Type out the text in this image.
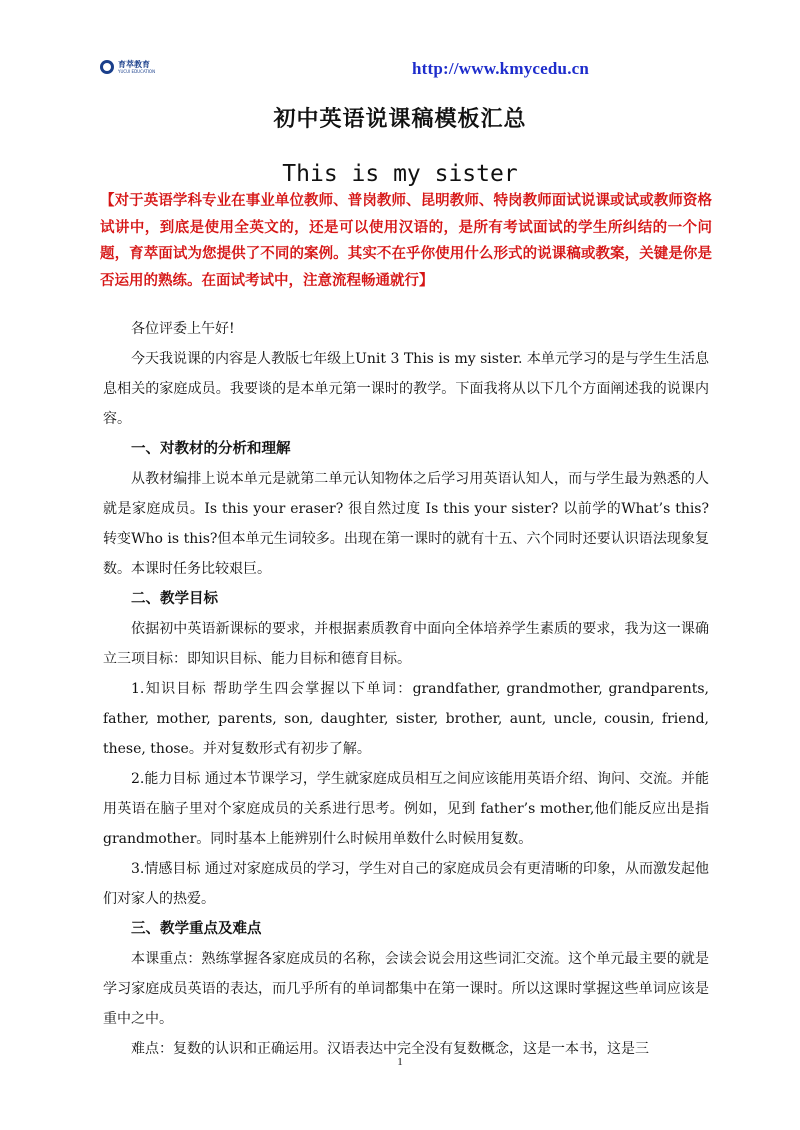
育萃教育
YUCUI EDUCATION	http://www.kmycedu.cn
初中英语说课稿模板汇总
This is my sister
【对于英语学科专业在事业单位教师、普岗教师、昆明教师、特岗教师面试说课或试或教师资格试讲中，到底是使用全英文的，还是可以使用汉语的，是所有考试面试的学生所纠结的一个问题，育萃面试为您提供了不同的案例。其实不在乎你使用什么形式的说课稿或教案，关键是你是否运用的熟练。在面试考试中，注意流程畅通就行】

各位评委上午好!

今天我说课的内容是人教版七年级上Unit 3 This is my sister. 本单元学习的是与学生生活息息相关的家庭成员。我要谈的是本单元第一课时的教学。下面我将从以下几个方面阐述我的说课内容。

一、对教材的分析和理解

从教材编排上说本单元是就第二单元认知物体之后学习用英语认知人，而与学生最为熟悉的人就是家庭成员。Is this your eraser? 很自然过度 Is this your sister? 以前学的What’s this?转变Who is this?但本单元生词较多。出现在第一课时的就有十五、六个同时还要认识语法现象复数。本课时任务比较艰巨。

二、教学目标

依据初中英语新课标的要求，并根据素质教育中面向全体培养学生素质的要求，我为这一课确立三项目标：即知识目标、能力目标和德育目标。

1.知识目标 帮助学生四会掌握以下单词：grandfather, grandmother, grandparents, father, mother, parents, son, daughter, sister, brother, aunt, uncle, cousin, friend, these, those。并对复数形式有初步了解。

2.能力目标 通过本节课学习，学生就家庭成员相互之间应该能用英语介绍、询问、交流。并能用英语在脑子里对个家庭成员的关系进行思考。例如，见到 father’s mother,他们能反应出是指grandmother。同时基本上能辨别什么时候用单数什么时候用复数。

3.情感目标 通过对家庭成员的学习，学生对自己的家庭成员会有更清晰的印象，从而激发起他们对家人的热爱。

三、教学重点及难点

本课重点：熟练掌握各家庭成员的名称，会读会说会用这些词汇交流。这个单元最主要的就是学习家庭成员英语的表达，而几乎所有的单词都集中在第一课时。所以这课时掌握这些单词应该是重中之中。

难点：复数的认识和正确运用。汉语表达中完全没有复数概念，这是一本书，这是三

1
